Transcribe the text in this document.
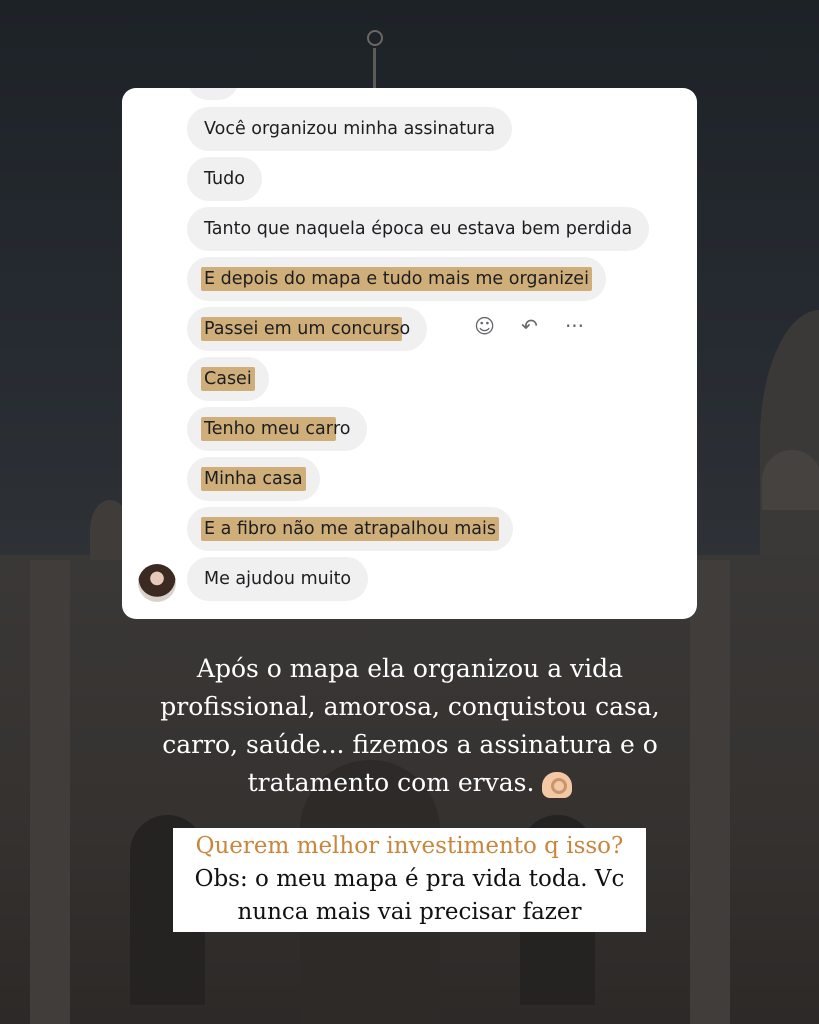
Você organizou minha assinatura
Tudo
Tanto que naquela época eu estava bem perdida
E depois do mapa e tudo mais me organizei
Passei em um concurs o	☺	↶	···
Casei
Tenho meu car ro
Minha casa
E a fibro não me atrapalhou mais
Me ajudou muito
Após o mapa ela organizou a vida
profissional, amorosa, conquistou casa,
carro, saúde... fizemos a assinatura e o
tratamento com ervas.
Querem melhor investimento q isso?
Obs: o meu mapa é pra vida toda. Vc
nunca mais vai precisar fazer
